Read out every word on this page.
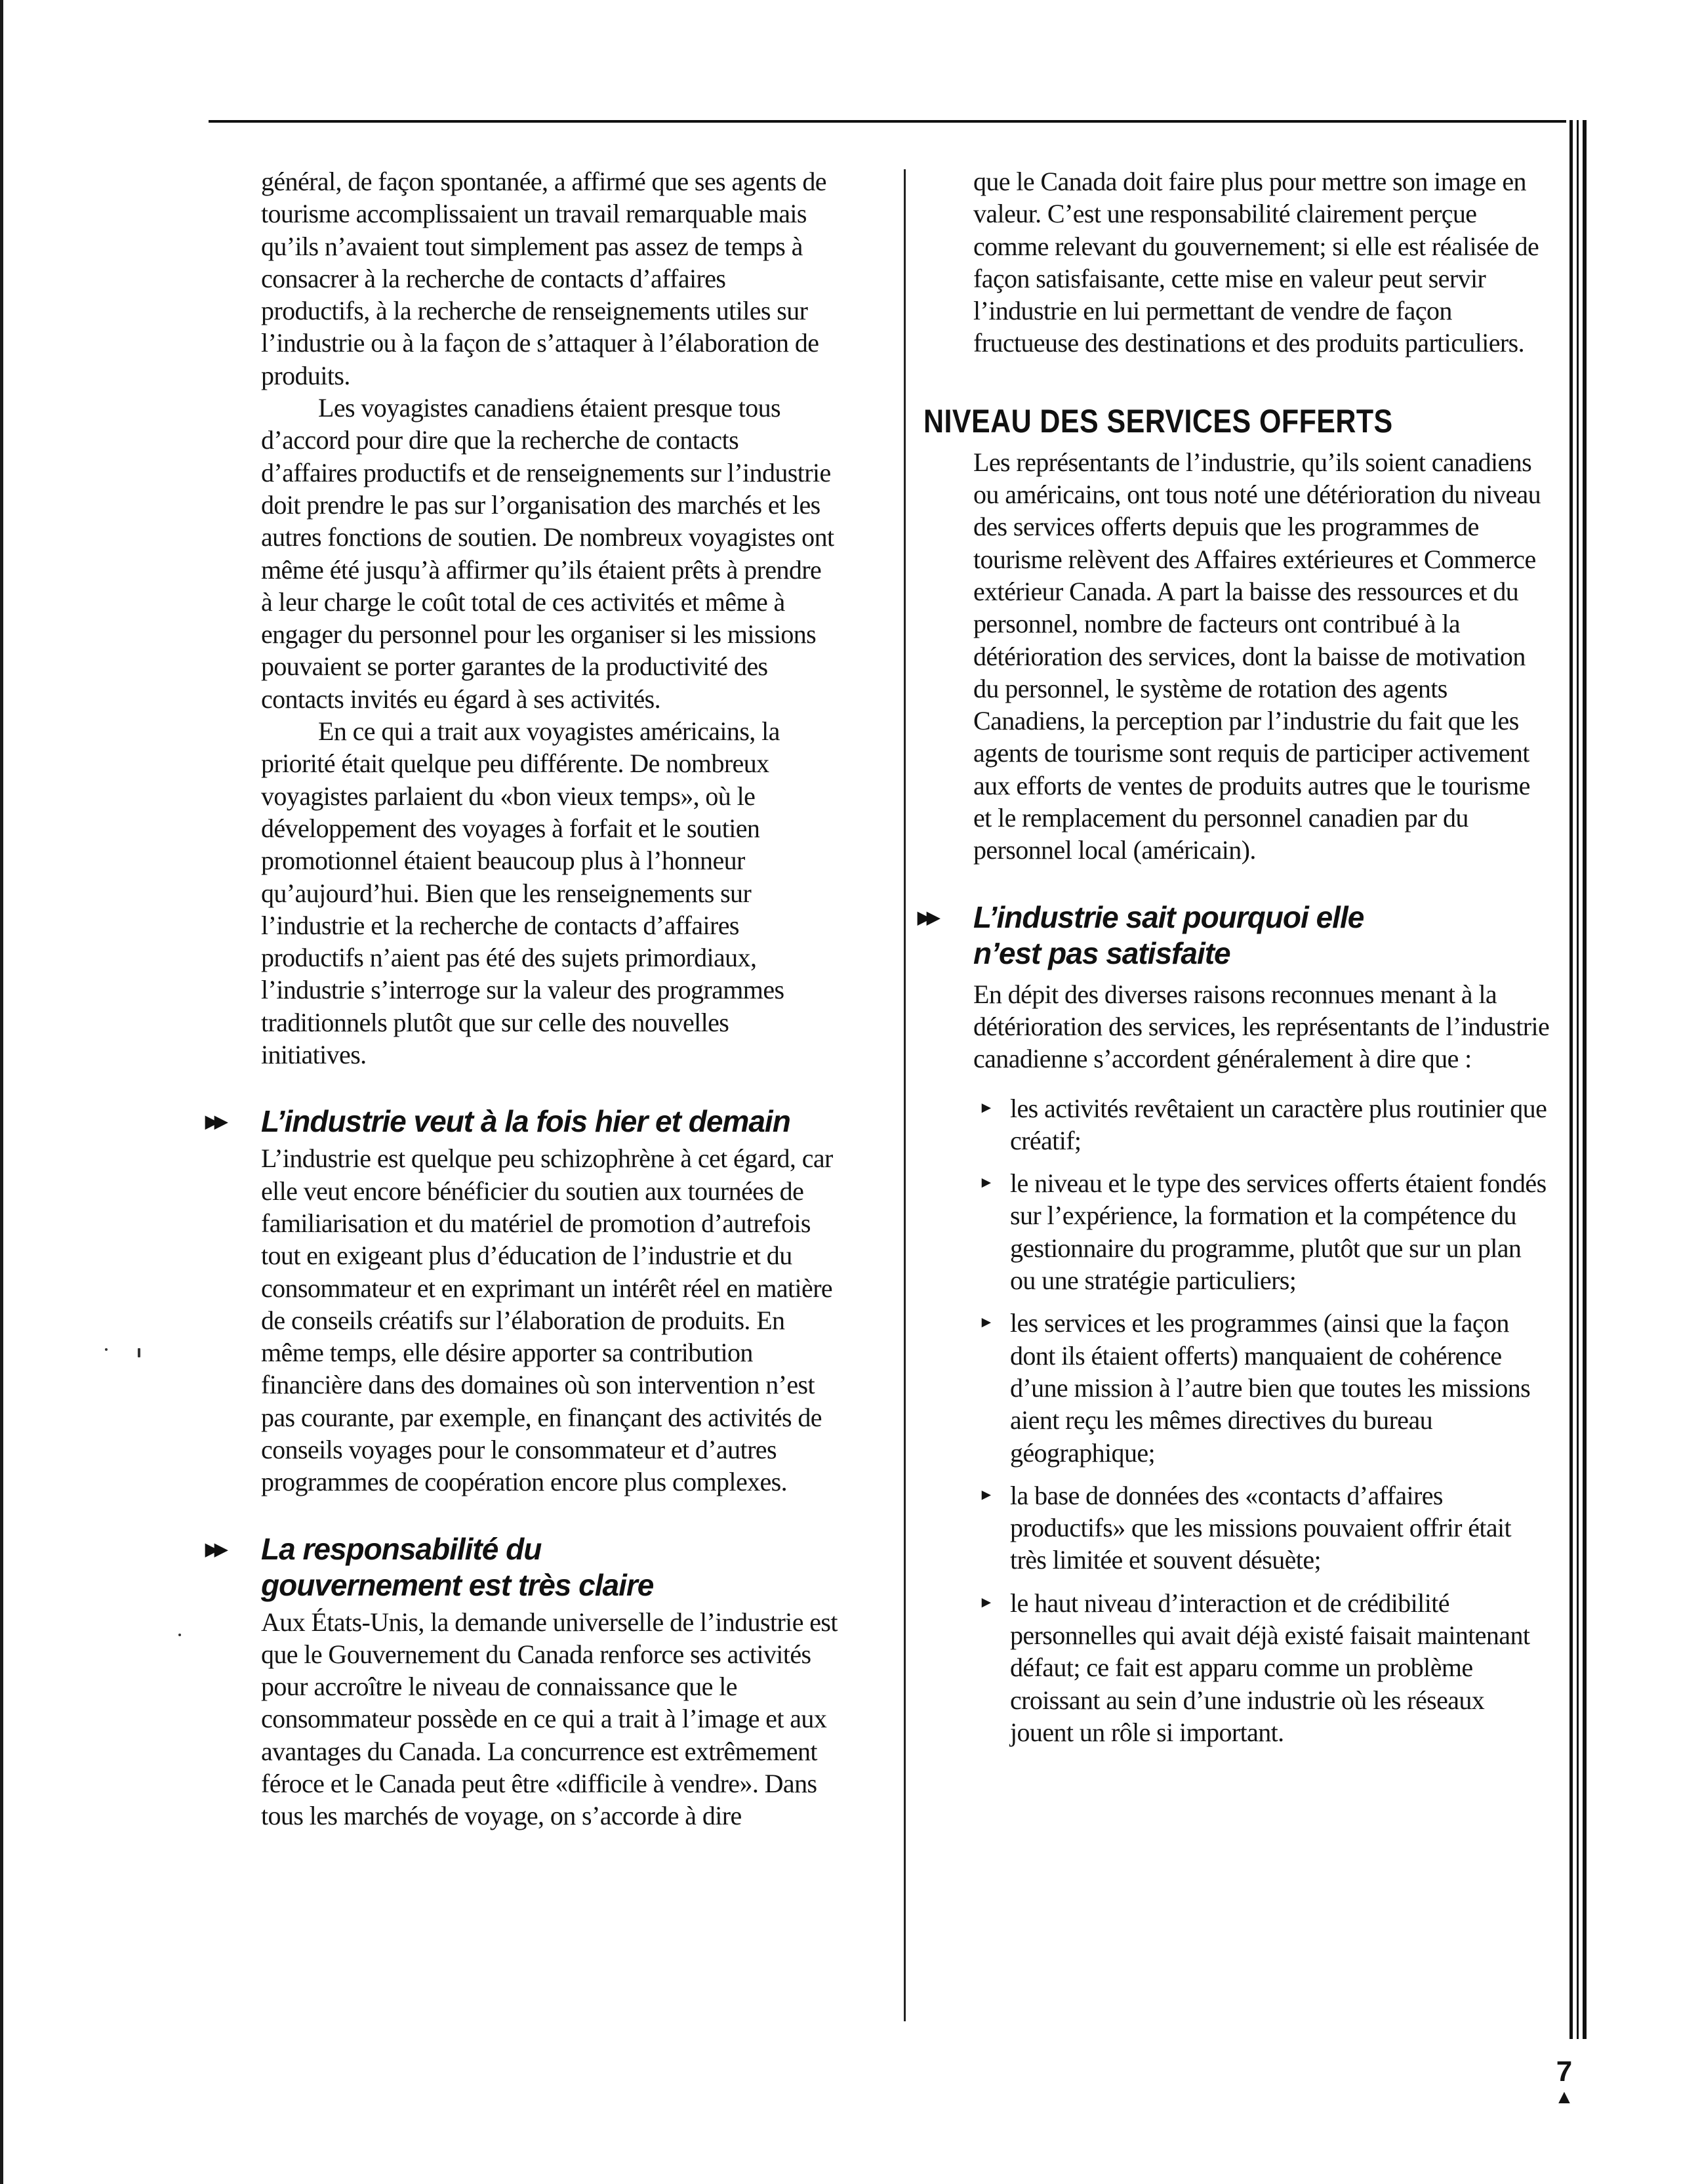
général, de façon spontanée, a affirmé que ses agents de tourisme accomplissaient un travail remarquable mais qu’ils n’avaient tout simplement pas assez de temps à consacrer à la recherche de contacts d’affaires productifs, à la recherche de renseignements utiles sur l’industrie ou à la façon de s’attaquer à l’élaboration de produits.

Les voyagistes canadiens étaient presque tous d’accord pour dire que la recherche de contacts d’affaires productifs et de renseignements sur l’industrie doit prendre le pas sur l’organisation des marchés et les autres fonctions de soutien. De nombreux voyagistes ont même été jusqu’à affirmer qu’ils étaient prêts à prendre à leur charge le coût total de ces activités et même à engager du personnel pour les organiser si les missions pouvaient se porter garantes de la productivité des contacts invités eu égard à ses activités.

En ce qui a trait aux voyagistes américains, la priorité était quelque peu différente. De nombreux voyagistes parlaient du «bon vieux temps», où le développement des voyages à forfait et le soutien promotionnel étaient beaucoup plus à l’honneur qu’aujourd’hui. Bien que les renseignements sur l’industrie et la recherche de contacts d’affaires productifs n’aient pas été des sujets primordiaux, l’industrie s’interroge sur la valeur des programmes traditionnels plutôt que sur celle des nouvelles initiatives.

▶▶ L’industrie veut à la fois hier et demain

L’industrie est quelque peu schizophrène à cet égard, car elle veut encore bénéficier du soutien aux tournées de familiarisation et du matériel de promotion d’autrefois tout en exigeant plus d’éducation de l’industrie et du consommateur et en exprimant un intérêt réel en matière de conseils créatifs sur l’élaboration de produits. En même temps, elle désire apporter sa contribution financière dans des domaines où son intervention n’est pas courante, par exemple, en finançant des activités de conseils voyages pour le consommateur et d’autres programmes de coopération encore plus complexes.

▶▶ La responsabilité du
gouvernement est très claire

Aux États-Unis, la demande universelle de l’industrie est que le Gouvernement du Canada renforce ses activités pour accroître le niveau de connaissance que le consommateur possède en ce qui a trait à l’image et aux avantages du Canada. La concurrence est extrêmement féroce et le Canada peut être «difficile à vendre». Dans tous les marchés de voyage, on s’accorde à dire

que le Canada doit faire plus pour mettre son image en valeur. C’est une responsabilité clairement perçue comme relevant du gouvernement; si elle est réalisée de façon satisfaisante, cette mise en valeur peut servir l’industrie en lui permettant de vendre de façon fructueuse des destinations et des produits particuliers.

NIVEAU DES SERVICES OFFERTS

Les représentants de l’industrie, qu’ils soient canadiens ou américains, ont tous noté une détérioration du niveau des services offerts depuis que les programmes de tourisme relèvent des Affaires extérieures et Commerce extérieur Canada. A part la baisse des ressources et du personnel, nombre de facteurs ont contribué à la détérioration des services, dont la baisse de motivation du personnel, le système de rotation des agents Canadiens, la perception par l’industrie du fait que les agents de tourisme sont requis de participer activement aux efforts de ventes de produits autres que le tourisme et le remplacement du personnel canadien par du personnel local (américain).

▶▶ L’industrie sait pourquoi elle
n’est pas satisfaite

En dépit des diverses raisons reconnues menant à la détérioration des services, les représentants de l’industrie canadienne s’accordent généralement à dire que :

► les activités revêtaient un caractère plus routinier que créatif;
► le niveau et le type des services offerts étaient fondés sur l’expérience, la formation et la compétence du gestionnaire du programme, plutôt que sur un plan ou une stratégie particuliers;
► les services et les programmes (ainsi que la façon dont ils étaient offerts) manquaient de cohérence d’une mission à l’autre bien que toutes les missions aient reçu les mêmes directives du bureau géographique;
► la base de données des «contacts d’affaires productifs» que les missions pouvaient offrir était très limitée et souvent désuète;
► le haut niveau d’interaction et de crédibilité personnelles qui avait déjà existé faisait maintenant défaut; ce fait est apparu comme un problème croissant au sein d’une industrie où les réseaux jouent un rôle si important.
7
▲
